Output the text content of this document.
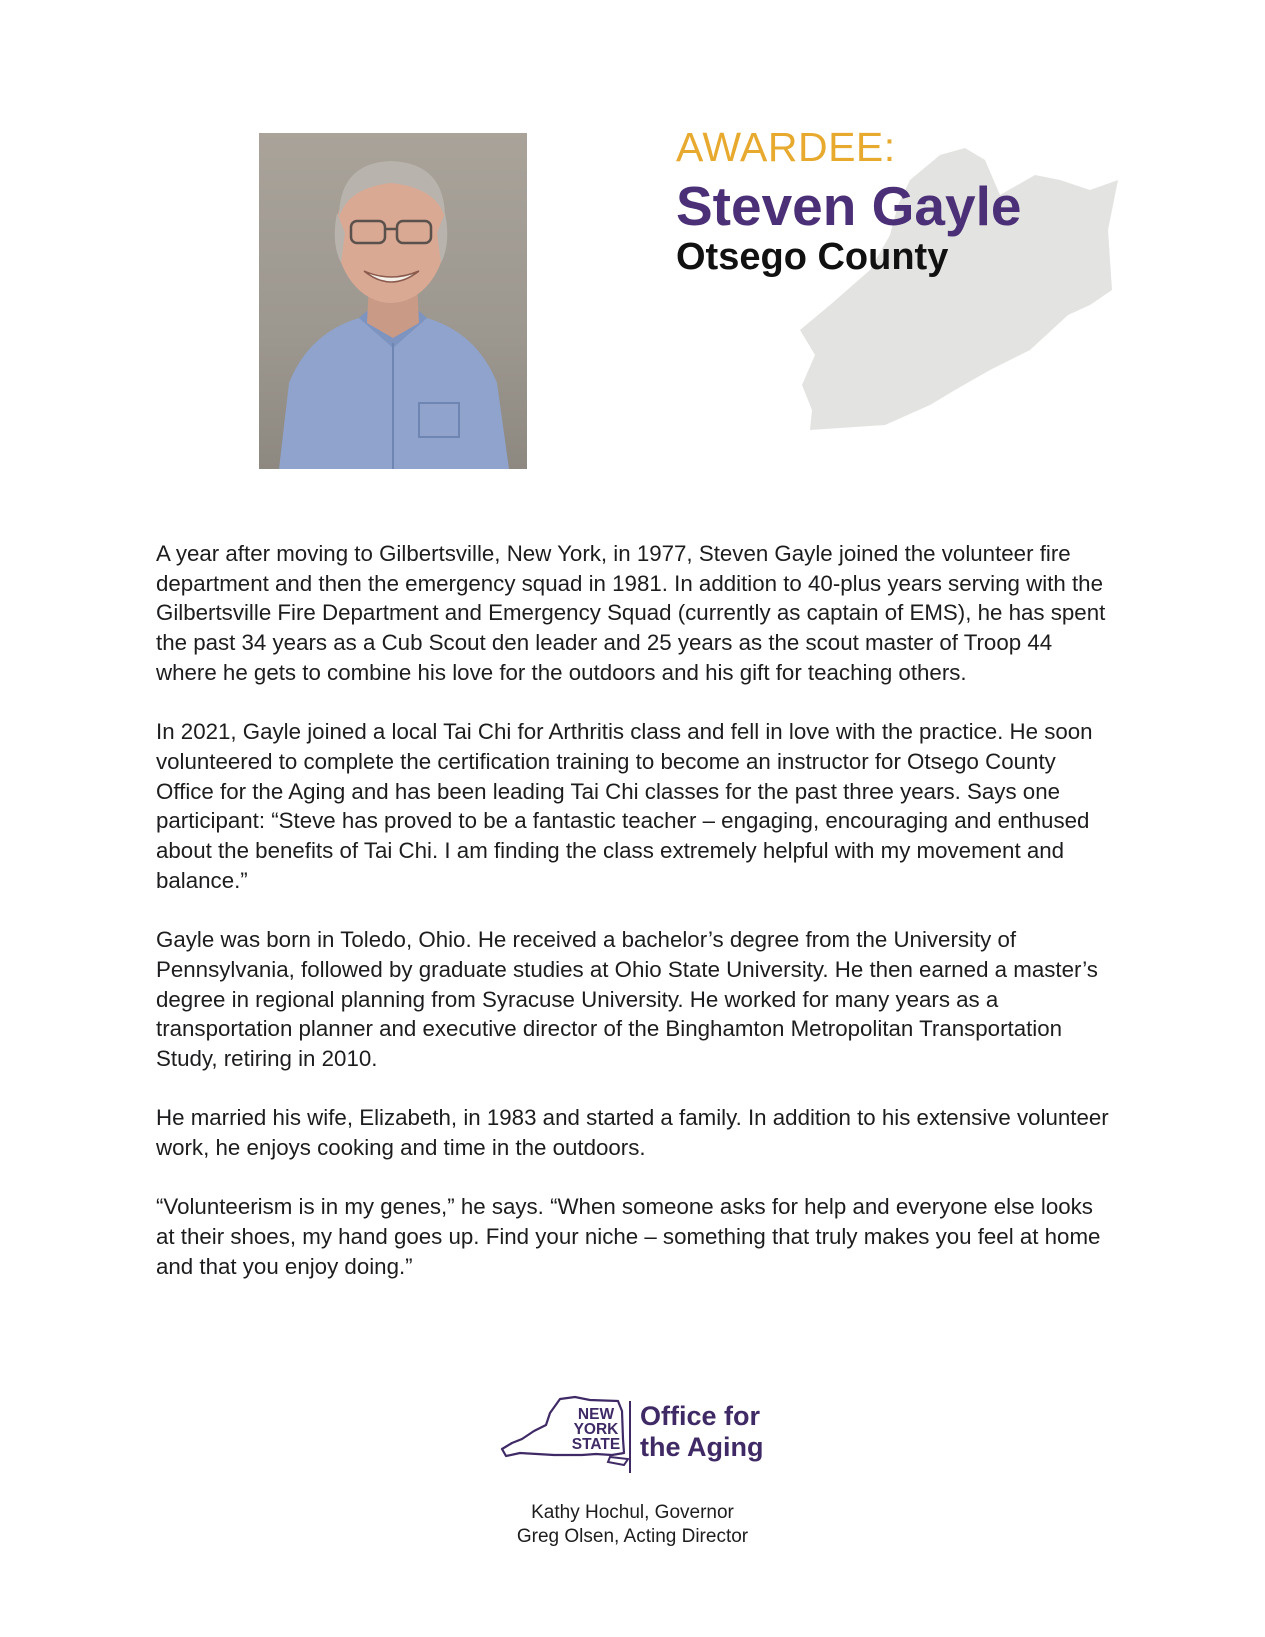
AWARDEE:
Steven Gayle
Otsego County

A year after moving to Gilbertsville, New York, in 1977, Steven Gayle joined the volunteer fire department and then the emergency squad in 1981. In addition to 40-plus years serving with the Gilbertsville Fire Department and Emergency Squad (currently as captain of EMS), he has spent the past 34 years as a Cub Scout den leader and 25 years as the scout master of Troop 44 where he gets to combine his love for the outdoors and his gift for teaching others.

In 2021, Gayle joined a local Tai Chi for Arthritis class and fell in love with the practice. He soon volunteered to complete the certification training to become an instructor for Otsego County Office for the Aging and has been leading Tai Chi classes for the past three years. Says one participant: “Steve has proved to be a fantastic teacher – engaging, encouraging and enthused about the benefits of Tai Chi. I am finding the class extremely helpful with my movement and balance.”

Gayle was born in Toledo, Ohio. He received a bachelor’s degree from the University of Pennsylvania, followed by graduate studies at Ohio State University. He then earned a master’s degree in regional planning from Syracuse University. He worked for many years as a transportation planner and executive director of the Binghamton Metropolitan Transportation Study, retiring in 2010.

He married his wife, Elizabeth, in 1983 and started a family. In addition to his extensive volunteer work, he enjoys cooking and time in the outdoors.

“Volunteerism is in my genes,” he says. “When someone asks for help and everyone else looks at their shoes, my hand goes up. Find your niche – something that truly makes you feel at home and that you enjoy doing.”

NEW
YORK
STATE
Office for
the Aging
Kathy Hochul, Governor
Greg Olsen, Acting Director
